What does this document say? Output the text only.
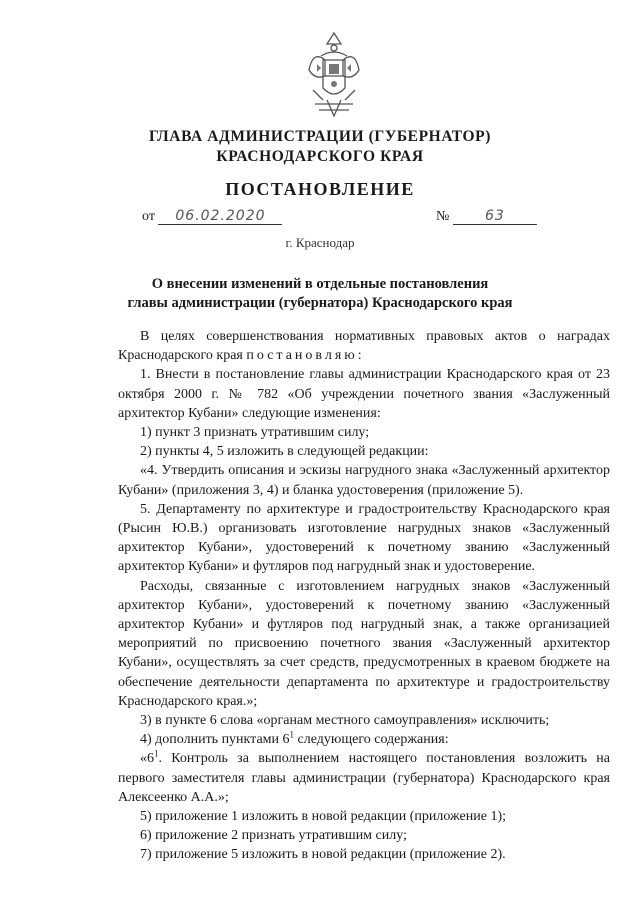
ГЛАВА АДМИНИСТРАЦИИ (ГУБЕРНАТОР)
КРАСНОДАРСКОГО КРАЯ
ПОСТАНОВЛЕНИЕ
от 06.02.2020	№	63
г. Краснодар
О внесении изменений в отдельные постановления
главы администрации (губернатора) Краснодарского края

В целях совершенствования нормативных правовых актов о наградах Краснодарского края постановляю:

1. Внести в постановление главы администрации Краснодарского края от 23 октября 2000 г. № 782 «Об учреждении почетного звания «Заслуженный архитектор Кубани» следующие изменения:

1) пункт 3 признать утратившим силу;

2) пункты 4, 5 изложить в следующей редакции:

«4. Утвердить описания и эскизы нагрудного знака «Заслуженный архитектор Кубани» (приложения 3, 4) и бланка удостоверения (приложение 5).

5. Департаменту по архитектуре и градостроительству Краснодарского края (Рысин Ю.В.) организовать изготовление нагрудных знаков «Заслуженный архитектор Кубани», удостоверений к почетному званию «Заслуженный архитектор Кубани» и футляров под нагрудный знак и удостоверение.

Расходы, связанные с изготовлением нагрудных знаков «Заслуженный архитектор Кубани», удостоверений к почетному званию «Заслуженный архитектор Кубани» и футляров под нагрудный знак, а также организацией мероприятий по присвоению почетного звания «Заслуженный архитектор Кубани», осуществлять за счет средств, предусмотренных в краевом бюджете на обеспечение деятельности департамента по архитектуре и градостроительству Краснодарского края.»;

3) в пункте 6 слова «органам местного самоуправления» исключить;

4) дополнить пунктами $6^1$ следующего содержания:

«$6^1$. Контроль за выполнением настоящего постановления возложить на первого заместителя главы администрации (губернатора) Краснодарского края Алексеенко А.А.»;

5) приложение 1 изложить в новой редакции (приложение 1);

6) приложение 2 признать утратившим силу;

7) приложение 5 изложить в новой редакции (приложение 2).
